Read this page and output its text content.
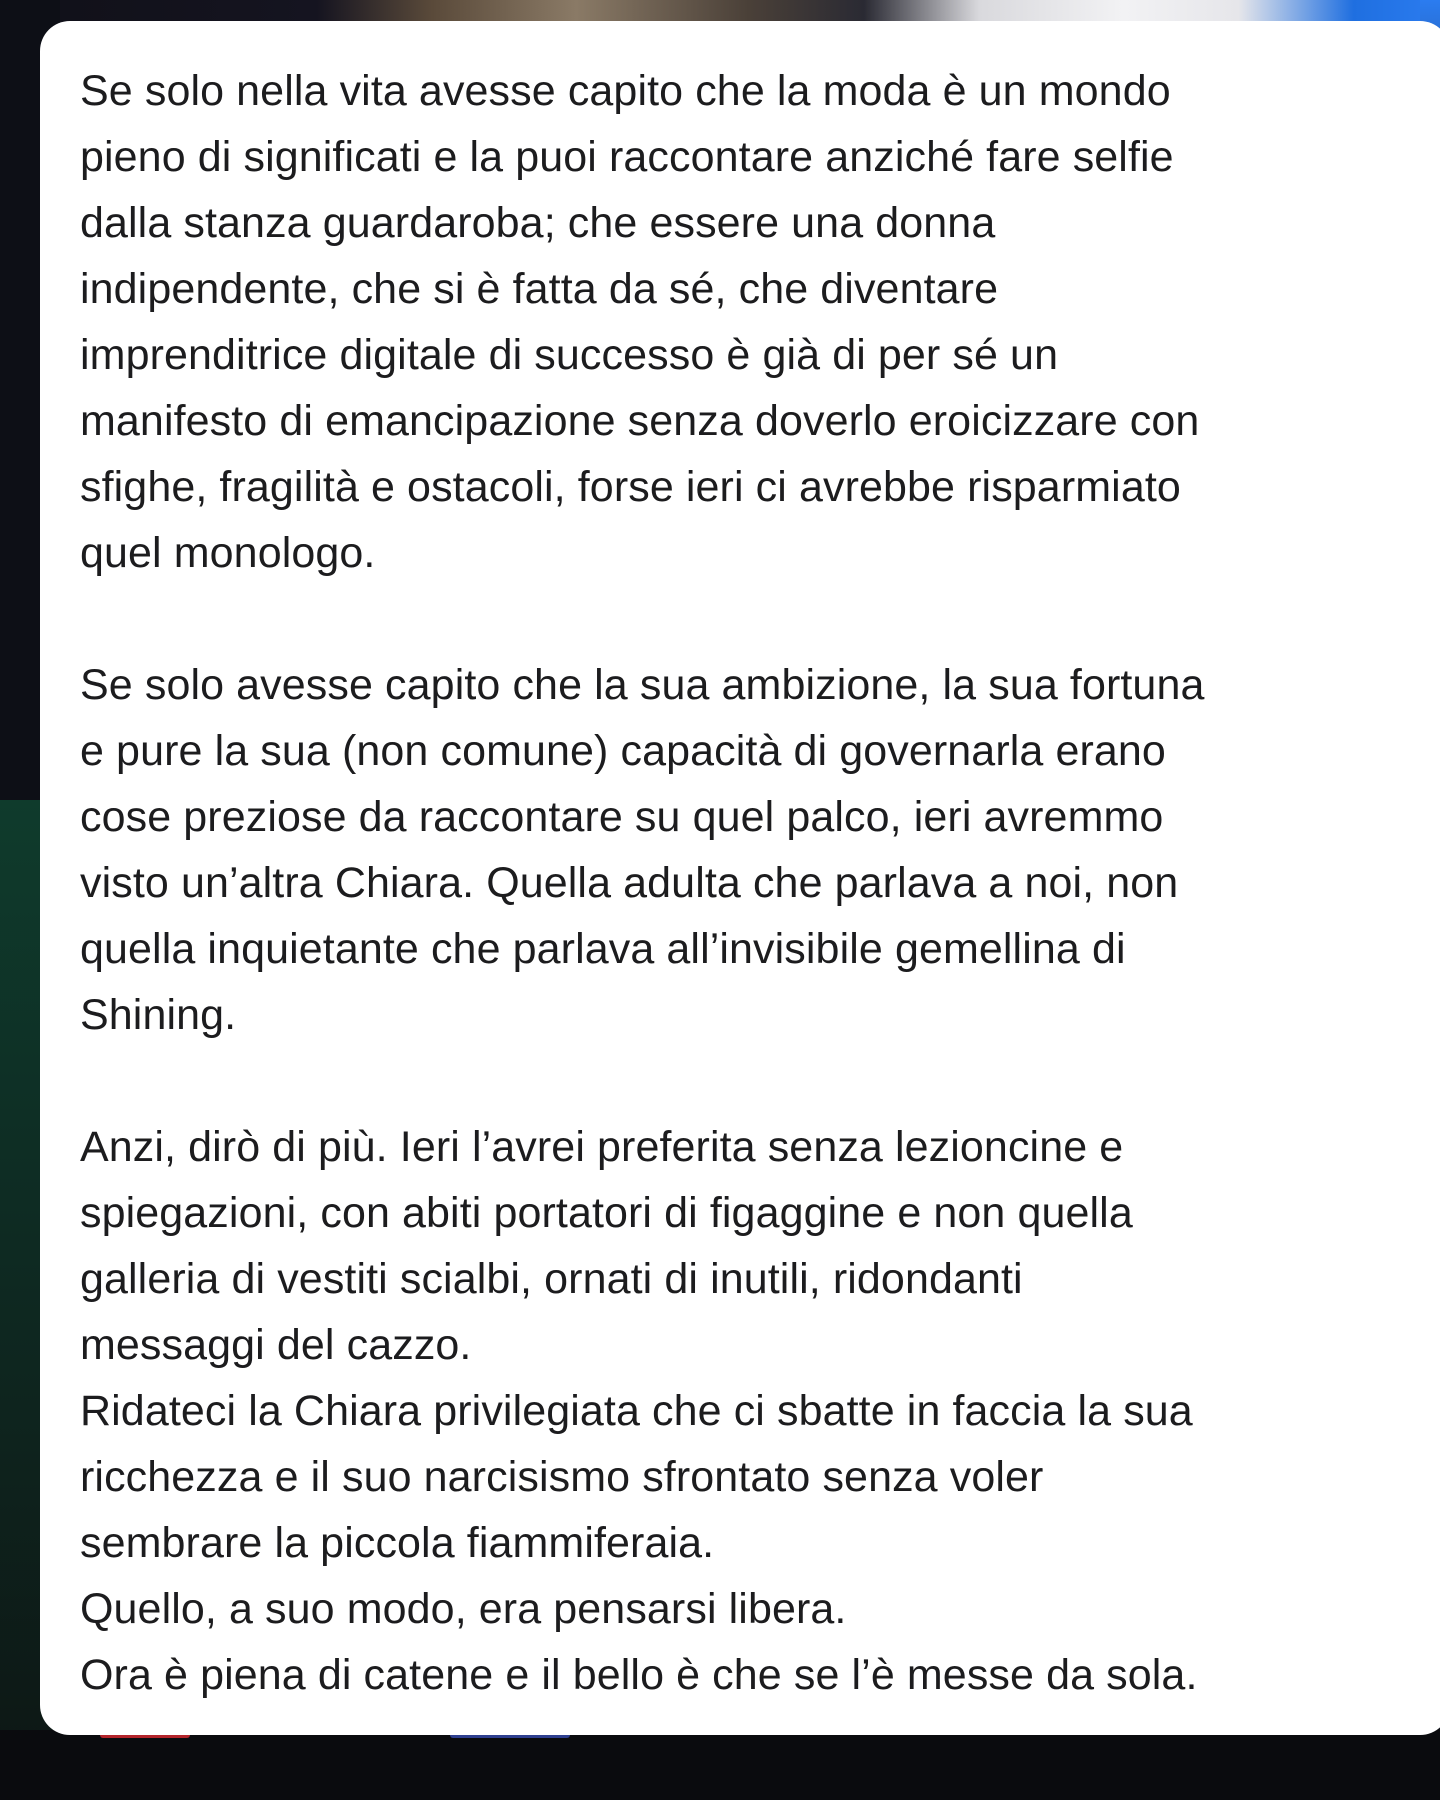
Se solo nella vita avesse capito che la moda è un mondo
pieno di significati e la puoi raccontare anziché fare selfie
dalla stanza guardaroba; che essere una donna
indipendente, che si è fatta da sé, che diventare
imprenditrice digitale di successo è già di per sé un
manifesto di emancipazione senza doverlo eroicizzare con
sfighe, fragilità e ostacoli, forse ieri ci avrebbe risparmiato
quel monologo.
Se solo avesse capito che la sua ambizione, la sua fortuna
e pure la sua (non comune) capacità di governarla erano
cose preziose da raccontare su quel palco, ieri avremmo
visto un’altra Chiara. Quella adulta che parlava a noi, non
quella inquietante che parlava all’invisibile gemellina di
Shining.
Anzi, dirò di più. Ieri l’avrei preferita senza lezioncine e
spiegazioni, con abiti portatori di figaggine e non quella
galleria di vestiti scialbi, ornati di inutili, ridondanti
messaggi del cazzo.
Ridateci la Chiara privilegiata che ci sbatte in faccia la sua
ricchezza e il suo narcisismo sfrontato senza voler
sembrare la piccola fiammiferaia.
Quello, a suo modo, era pensarsi libera.
Ora è piena di catene e il bello è che se l’è messe da sola.
